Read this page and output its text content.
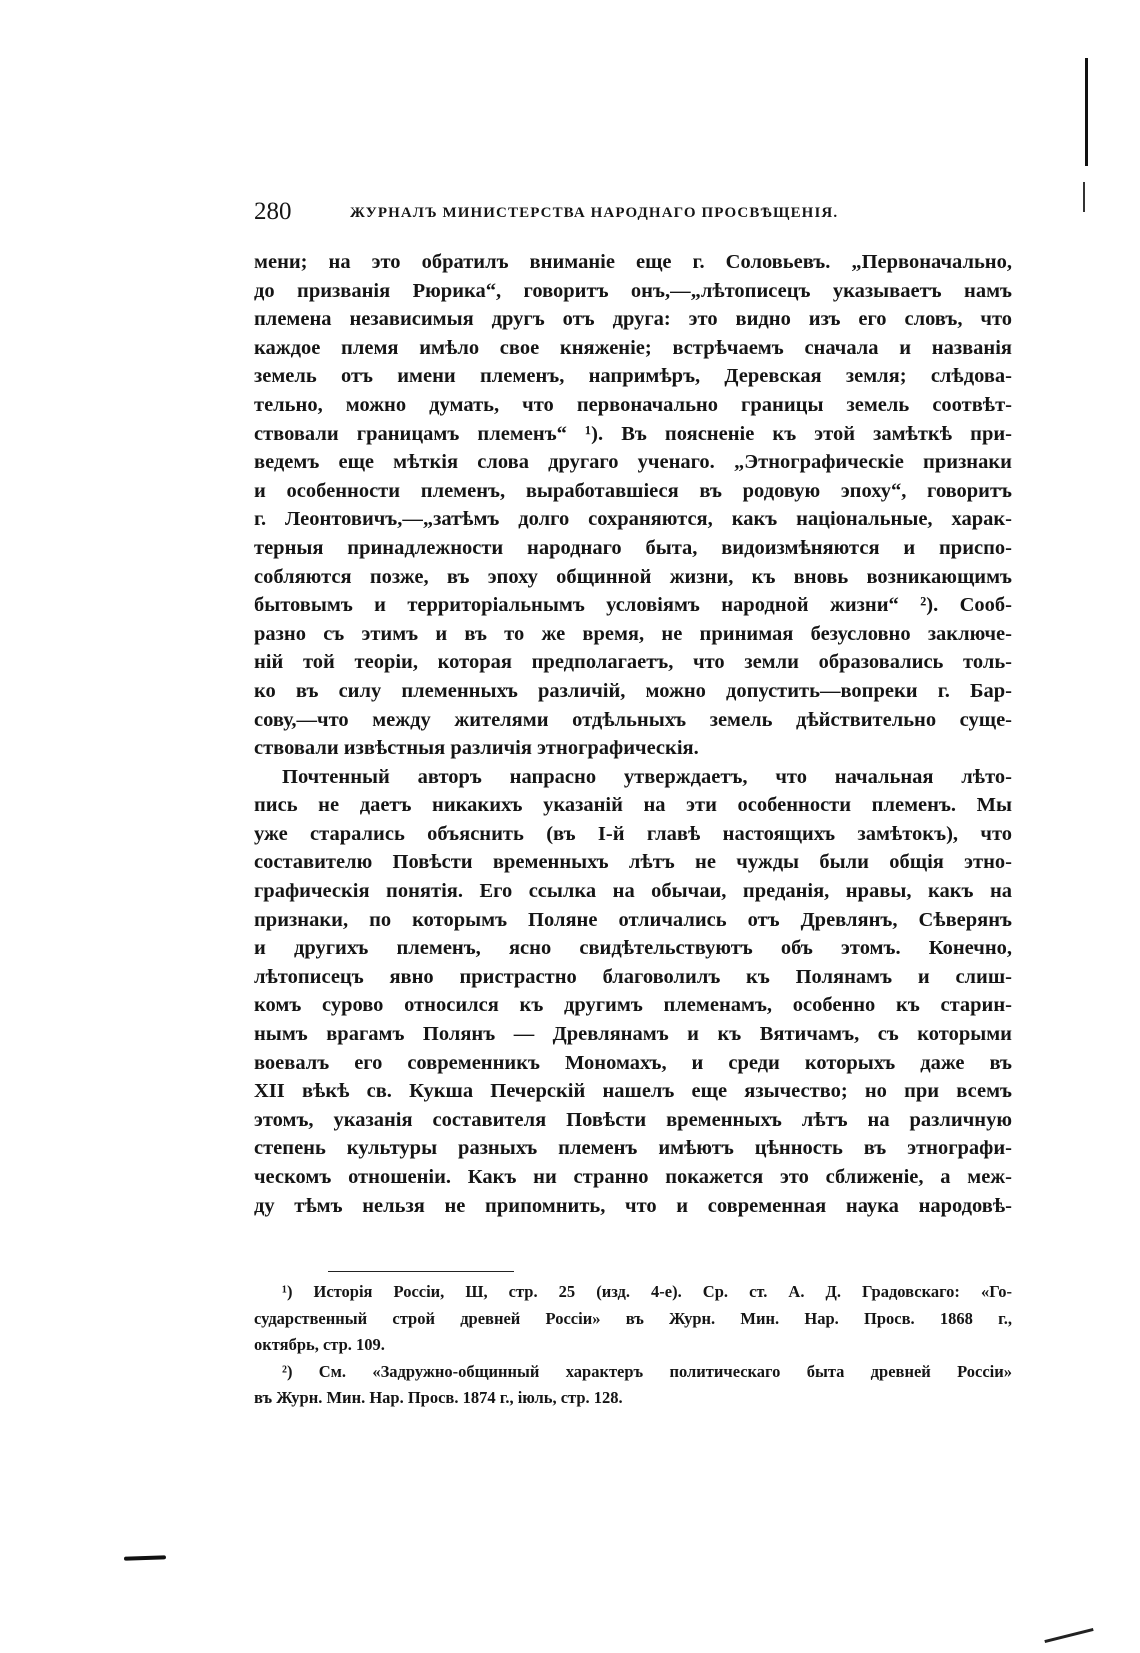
280	ЖУРНАЛЪ МИНИСТЕРСТВА НАРОДНАГО ПРОСВѢЩЕНІЯ.
мени; на это обратилъ вниманіе еще г. Соловьевъ. „Первоначально,
до призванія Рюрика“, говоритъ онъ,—„лѣтописецъ указываетъ намъ
племена независимыя другъ отъ друга: это видно изъ его словъ, что
каждое племя имѣло свое княженіе; встрѣчаемъ сначала и названія
земель отъ имени племенъ, напримѣръ, Деревская земля; слѣдова-
тельно, можно думать, что первоначально границы земель соотвѣт-
ствовали границамъ племенъ“ ¹). Въ поясненіе къ этой замѣткѣ при-
ведемъ еще мѣткія слова другаго ученаго. „Этнографическіе признаки
и особенности племенъ, выработавшіеся въ родовую эпоху“, говоритъ
г. Леонтовичъ,—„затѣмъ долго сохраняются, какъ національные, харак-
терныя принадлежности народнаго быта, видоизмѣняются и приспо-
собляются позже, въ эпоху общинной жизни, къ вновь возникающимъ
бытовымъ и территоріальнымъ условіямъ народной жизни“ ²). Сооб-
разно съ этимъ и въ то же время, не принимая безусловно заключе-
ній той теоріи, которая предполагаетъ, что земли образовались толь-
ко въ силу племенныхъ различій, можно допустить—вопреки г. Бар-
сову,—что между жителями отдѣльныхъ земель дѣйствительно суще-
ствовали извѣстныя различія этнографическія.
Почтенный авторъ напрасно утверждаетъ, что начальная лѣто-
пись не даетъ никакихъ указаній на эти особенности племенъ. Мы
уже старались объяснить (въ І-й главѣ настоящихъ замѣтокъ), что
составителю Повѣсти временныхъ лѣтъ не чужды были общія этно-
графическія понятія. Его ссылка на обычаи, преданія, нравы, какъ на
признаки, по которымъ Поляне отличались отъ Древлянъ, Сѣверянъ
и другихъ племенъ, ясно свидѣтельствуютъ объ этомъ. Конечно,
лѣтописецъ явно пристрастно благоволилъ къ Полянамъ и слиш-
комъ сурово относился къ другимъ племенамъ, особенно къ старин-
нымъ врагамъ Полянъ — Древлянамъ и къ Вятичамъ, съ которыми
воевалъ его современникъ Мономахъ, и среди которыхъ даже въ
XII вѣкѣ св. Кукша Печерскій нашелъ еще язычество; но при всемъ
этомъ, указанія составителя Повѣсти временныхъ лѣтъ на различную
степень культуры разныхъ племенъ имѣютъ цѣнность въ этнографи-
ческомъ отношеніи. Какъ ни странно покажется это сближеніе, а меж-
ду тѣмъ нельзя не припомнить, что и современная наука народовѣ-
¹) Исторія Россіи, Ш, стр. 25 (изд. 4-е). Ср. ст. А. Д. Градовскаго: «Го-
сударственный строй древней Россіи» въ Журн. Мин. Нар. Просв. 1868 г.,
октябрь, стр. 109.
²) См. «Задружно-общинный характеръ политическаго быта древней Россіи»
въ Журн. Мин. Нар. Просв. 1874 г., іюль, стр. 128.
